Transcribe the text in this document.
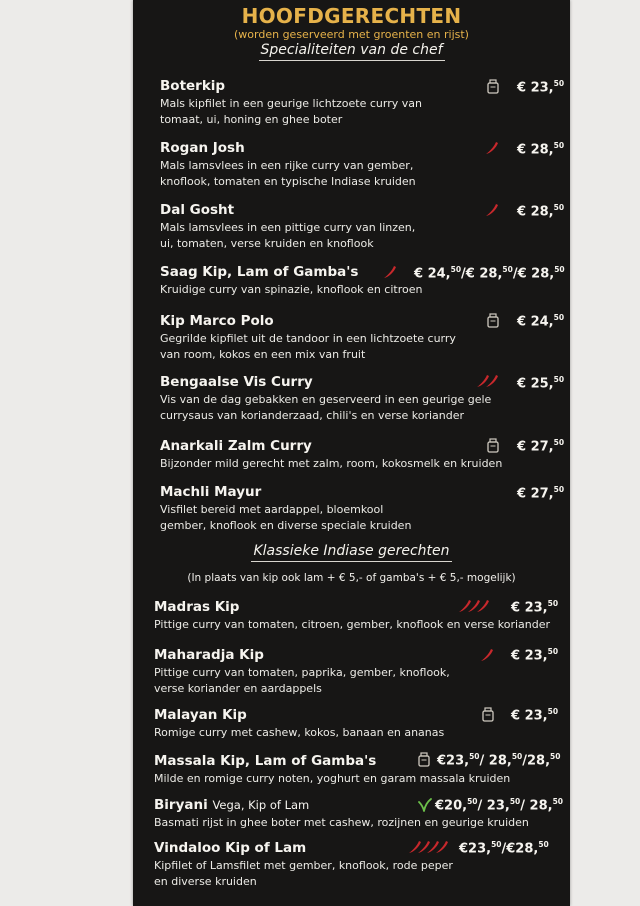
HOOFDGERECHTEN
(worden geserveerd met groenten en rijst)
Specialiteiten van de chef
Boterkip
Mals kipfilet in een geurige lichtzoete curry van
tomaat, ui, honing en ghee boter
€ 23,50
Rogan Josh
Mals lamsvlees in een rijke curry van gember,
knoflook, tomaten en typische Indiase kruiden
€ 28,50
Dal Gosht
Mals lamsvlees in een pittige curry van linzen,
ui, tomaten, verse kruiden en knoflook
€ 28,50
Saag Kip, Lam of Gamba's
Kruidige curry van spinazie, knoflook en citroen
€ 24,50/€ 28,50/€ 28,50
Kip Marco Polo
Gegrilde kipfilet uit de tandoor in een lichtzoete curry
van room, kokos en een mix van fruit
€ 24,50
Bengaalse Vis Curry
Vis van de dag gebakken en geserveerd in een geurige gele
currysaus van korianderzaad, chili's en verse koriander
€ 25,50
Anarkali Zalm Curry
Bijzonder mild gerecht met zalm, room, kokosmelk en kruiden
€ 27,50
Machli Mayur
Visfilet bereid met aardappel, bloemkool
gember, knoflook en diverse speciale kruiden
€ 27,50
Klassieke Indiase gerechten
(In plaats van kip ook lam + € 5,- of gamba's + € 5,- mogelijk)
Madras Kip
Pittige curry van tomaten, citroen, gember, knoflook en verse koriander
€ 23,50
Maharadja Kip
Pittige curry van tomaten, paprika, gember, knoflook,
verse koriander en aardappels
€ 23,50
Malayan Kip
Romige curry met cashew, kokos, banaan en ananas
€ 23,50
Massala Kip, Lam of Gamba's
Milde en romige curry noten, yoghurt en garam massala kruiden
€23,50/ 28,50/28,50
Biryani Vega, Kip of Lam
Basmati rijst in ghee boter met cashew, rozijnen en geurige kruiden
€20,50/ 23,50/ 28,50
Vindaloo Kip of Lam
Kipfilet of Lamsfilet met gember, knoflook, rode peper
en diverse kruiden
€23,50/€28,50
